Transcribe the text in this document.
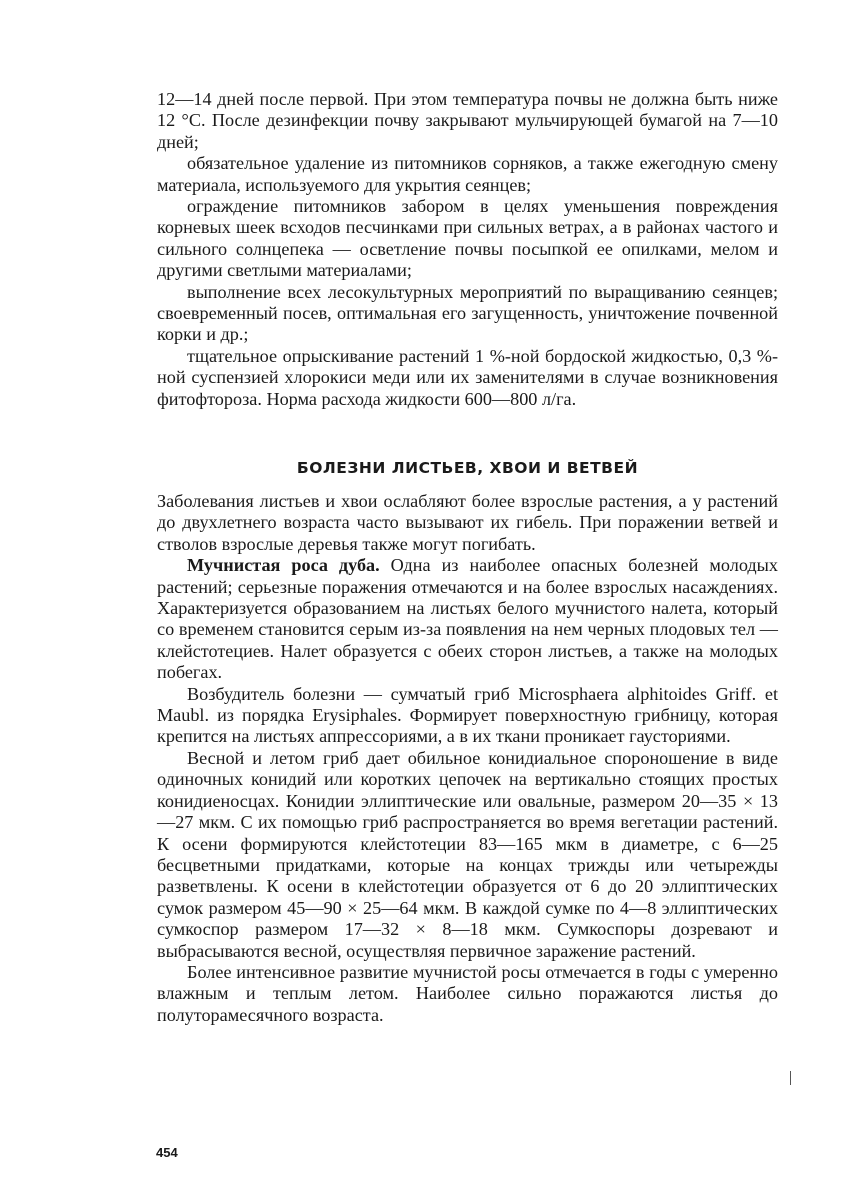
12—14 дней после первой. При этом температура почвы не должна быть ниже 12 °С. После дезинфекции почву закрывают мульчирующей бумагой на 7—10 дней;

обязательное удаление из питомников сорняков, а также ежегодную смену материала, используемого для укрытия сеянцев;

ограждение питомников забором в целях уменьшения повреждения корневых шеек всходов песчинками при сильных ветрах, а в районах частого и сильного солнцепека — осветление почвы посыпкой ее опилками, мелом и другими светлыми материалами;

выполнение всех лесокультурных мероприятий по выращиванию сеянцев; своевременный посев, оптимальная его загущенность, уничтожение почвенной корки и др.;

тщательное опрыскивание растений 1 %-ной бордоской жидкостью, 0,3 %-ной суспензией хлорокиси меди или их заменителями в случае возникновения фитофтороза. Норма расхода жидкости 600—800 л/га.

БОЛЕЗНИ ЛИСТЬЕВ, ХВОИ И ВЕТВЕЙ

Заболевания листьев и хвои ослабляют более взрослые растения, а у растений до двухлетнего возраста часто вызывают их гибель. При поражении ветвей и стволов взрослые деревья также могут погибать.

Мучнистая роса дуба. Одна из наиболее опасных болезней молодых растений; серьезные поражения отмечаются и на более взрослых насаждениях. Характеризуется образованием на листьях белого мучнистого налета, который со временем становится серым из-за появления на нем черных плодовых тел — клейстотециев. Налет образуется с обеих сторон листьев, а также на молодых побегах.

Возбудитель болезни — сумчатый гриб Microsphaera alphitoides Griff. et Maubl. из порядка Erysiphales. Формирует поверхностную грибницу, которая крепится на листьях аппрессориями, а в их ткани проникает гаусториями.

Весной и летом гриб дает обильное конидиальное спороношение в виде одиночных конидий или коротких цепочек на вертикально стоящих простых конидиеносцах. Конидии эллиптические или овальные, размером 20—35 × 13—27 мкм. С их помощью гриб распространяется во время вегетации растений. К осени формируются клейстотеции 83—165 мкм в диаметре, с 6—25 бесцветными придатками, которые на концах трижды или четырежды разветвлены. К осени в клейстотеции образуется от 6 до 20 эллиптических сумок размером 45—90 × 25—64 мкм. В каждой сумке по 4—8 эллиптических сумкоспор размером 17—32 × 8—18 мкм. Сумкоспоры дозревают и выбрасываются весной, осуществляя первичное заражение растений.

Более интенсивное развитие мучнистой росы отмечается в годы с умеренно влажным и теплым летом. Наиболее сильно поражаются листья до полуторамесячного возраста.

454
